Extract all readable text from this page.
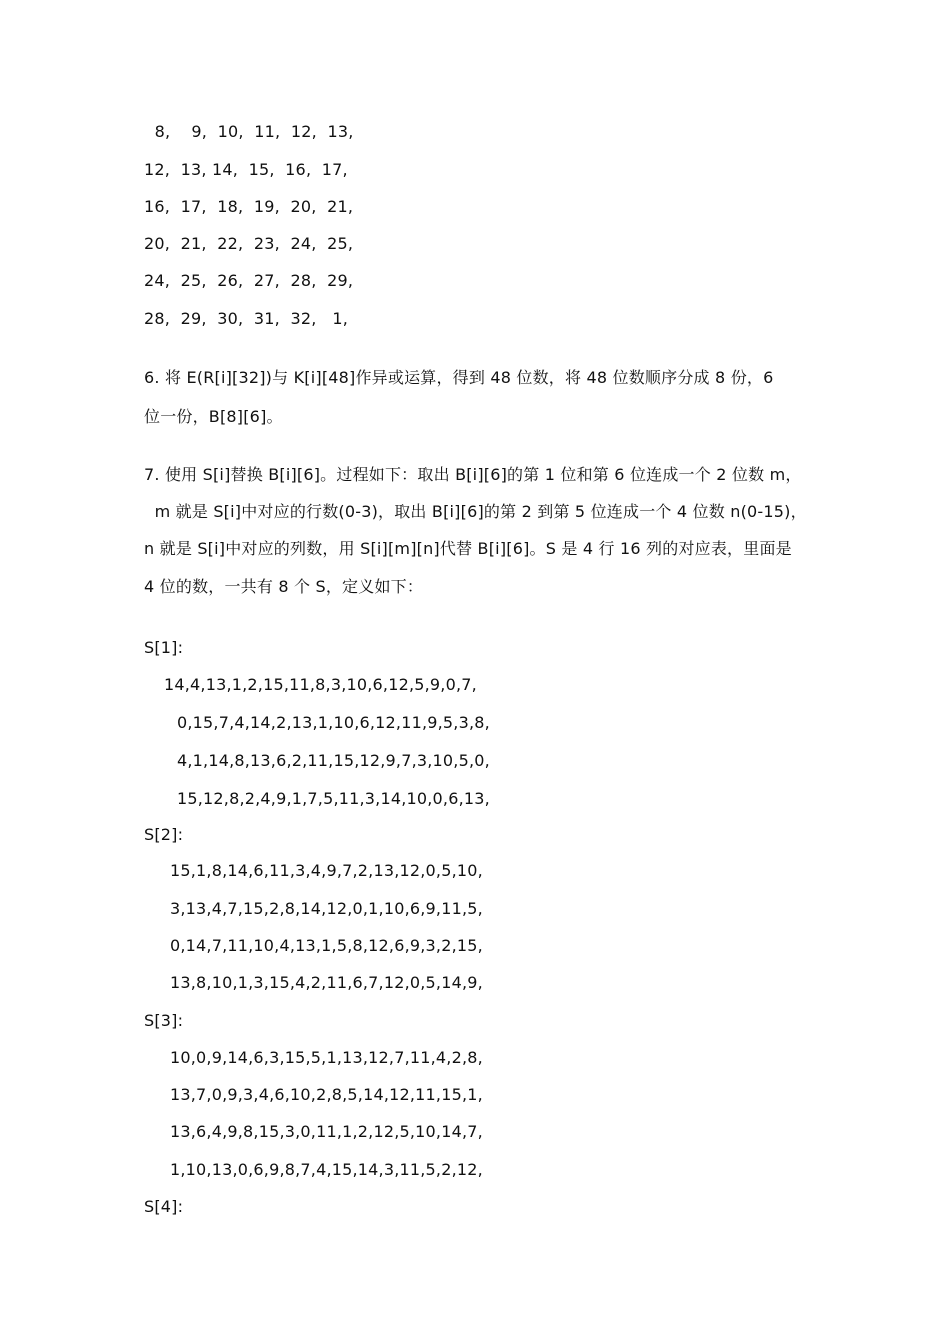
8,    9,  10,  11,  12,  13,
12,  13, 14,  15,  16,  17,
16,  17,  18,  19,  20,  21,
20,  21,  22,  23,  24,  25,
24,  25,  26,  27,  28,  29,
28,  29,  30,  31,  32,   1,
6. 将 E(R[i][32])与 K[i][48]作异或运算，得到 48 位数，将 48 位数顺序分成 8 份，6
位一份，B[8][6]。
7. 使用 S[i]替换 B[i][6]。过程如下：取出 B[i][6]的第 1 位和第 6 位连成一个 2 位数 m，
m 就是 S[i]中对应的行数(0-3)，取出 B[i][6]的第 2 到第 5 位连成一个 4 位数 n(0-15)，
n 就是 S[i]中对应的列数，用 S[i][m][n]代替 B[i][6]。S 是 4 行 16 列的对应表，里面是
4 位的数，一共有 8 个 S，定义如下：
S[1]:
14,4,13,1,2,15,11,8,3,10,6,12,5,9,0,7,
0,15,7,4,14,2,13,1,10,6,12,11,9,5,3,8,
4,1,14,8,13,6,2,11,15,12,9,7,3,10,5,0,
15,12,8,2,4,9,1,7,5,11,3,14,10,0,6,13,
S[2]:
15,1,8,14,6,11,3,4,9,7,2,13,12,0,5,10,
3,13,4,7,15,2,8,14,12,0,1,10,6,9,11,5,
0,14,7,11,10,4,13,1,5,8,12,6,9,3,2,15,
13,8,10,1,3,15,4,2,11,6,7,12,0,5,14,9,
S[3]:
10,0,9,14,6,3,15,5,1,13,12,7,11,4,2,8,
13,7,0,9,3,4,6,10,2,8,5,14,12,11,15,1,
13,6,4,9,8,15,3,0,11,1,2,12,5,10,14,7,
1,10,13,0,6,9,8,7,4,15,14,3,11,5,2,12,
S[4]:
